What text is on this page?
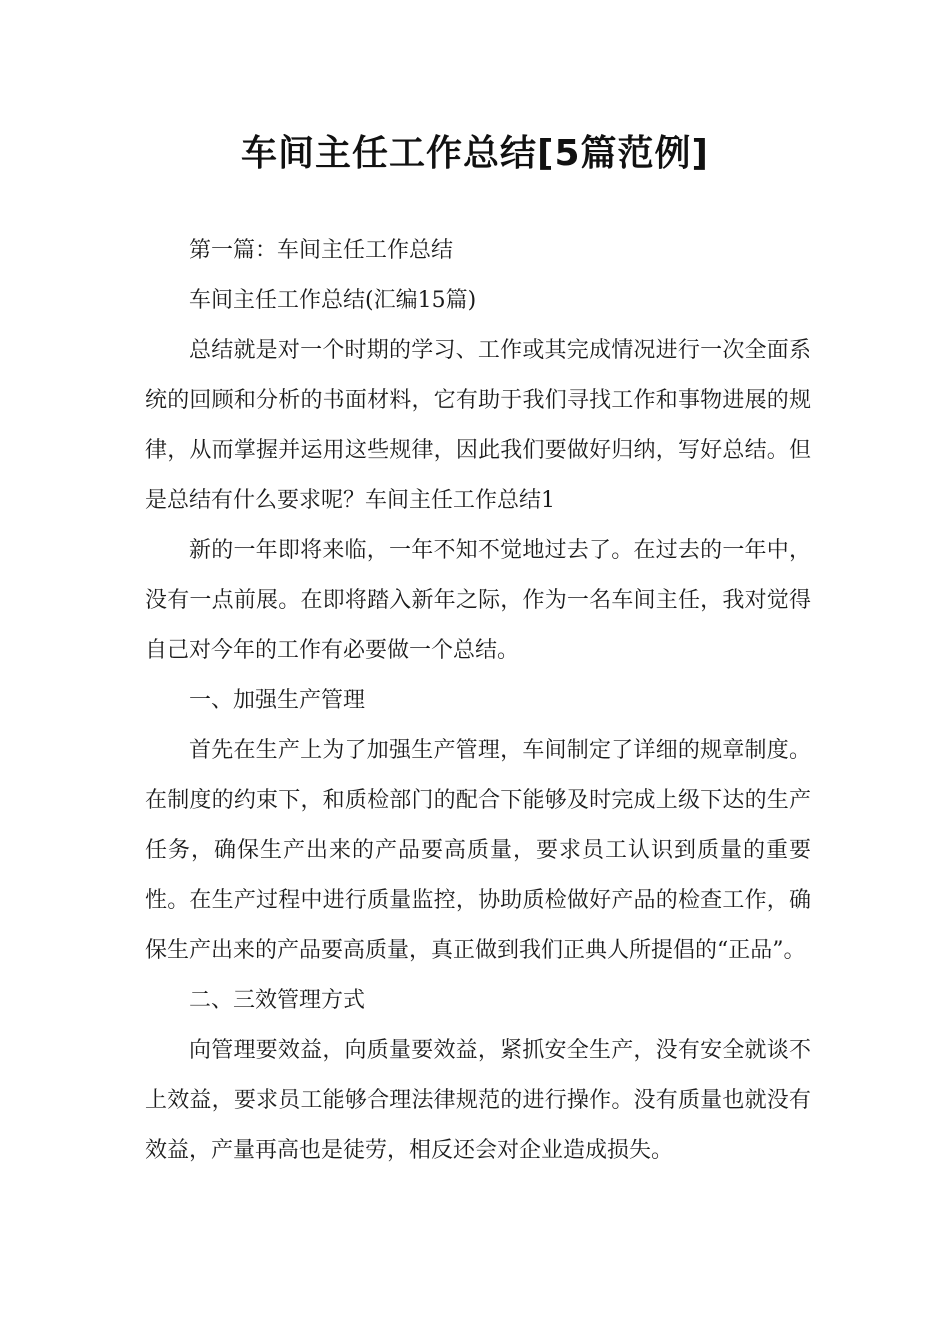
车间主任工作总结[5篇范例]

第一篇：车间主任工作总结

车间主任工作总结(汇编15篇)

总结就是对一个时期的学习、工作或其完成情况进行一次全面系统的回顾和分析的书面材料，它有助于我们寻找工作和事物进展的规律，从而掌握并运用这些规律，因此我们要做好归纳，写好总结。但是总结有什么要求呢？车间主任工作总结1

新的一年即将来临，一年不知不觉地过去了。在过去的一年中，没有一点前展。在即将踏入新年之际，作为一名车间主任，我对觉得自己对今年的工作有必要做一个总结。

一、加强生产管理

首先在生产上为了加强生产管理，车间制定了详细的规章制度。在制度的约束下，和质检部门的配合下能够及时完成上级下达的生产任务，确保生产出来的产品要高质量，要求员工认识到质量的重要性。在生产过程中进行质量监控，协助质检做好产品的检查工作，确保生产出来的产品要高质量，真正做到我们正典人所提倡的“正品”。

二、三效管理方式

向管理要效益，向质量要效益，紧抓安全生产，没有安全就谈不上效益，要求员工能够合理法律规范的进行操作。没有质量也就没有效益，产量再高也是徒劳，相反还会对企业造成损失。
